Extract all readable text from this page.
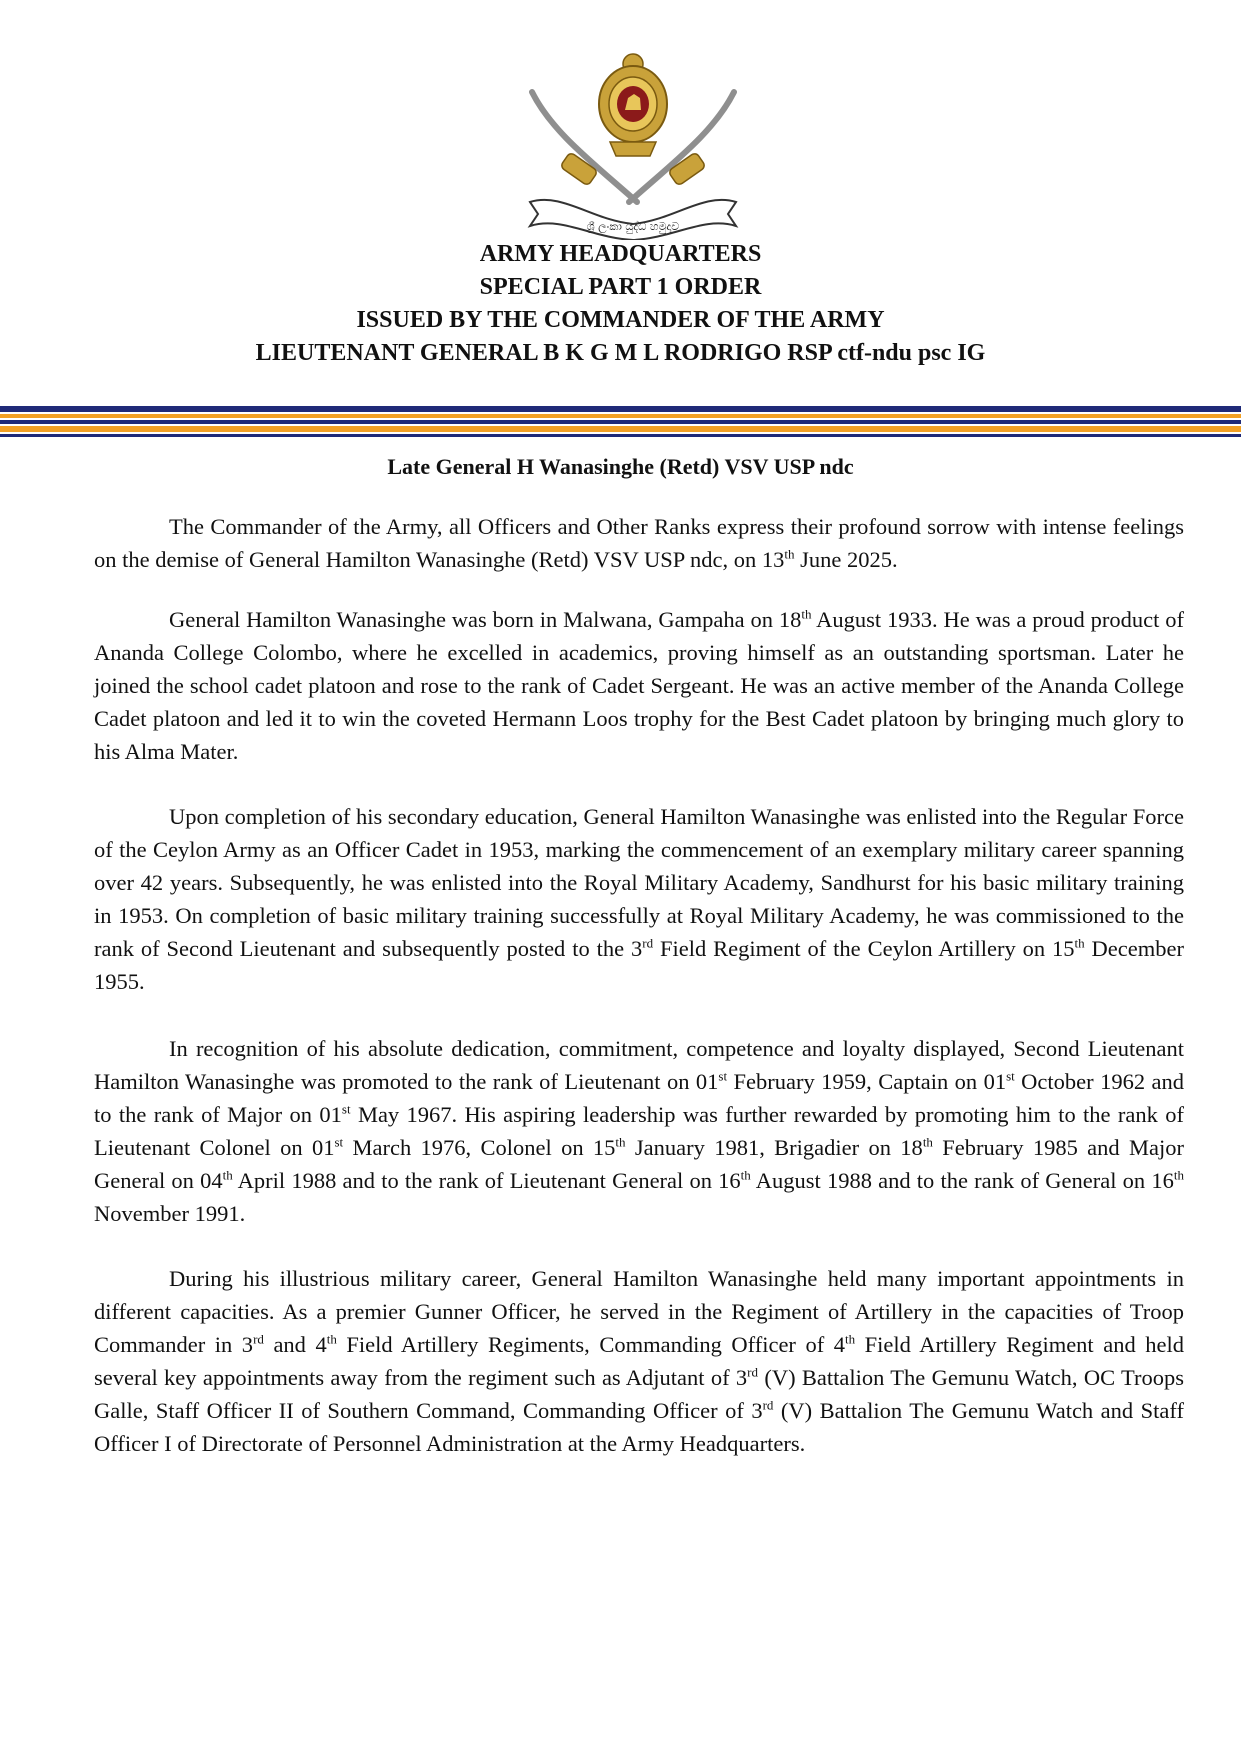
ශ්‍රී ලංකා යුද්ධ හමුදාව
ARMY HEADQUARTERS
SPECIAL PART 1 ORDER
ISSUED BY THE COMMANDER OF THE ARMY
LIEUTENANT GENERAL B K G M L RODRIGO RSP ctf-ndu psc IG
Late General H Wanasinghe (Retd) VSV USP ndc

The Commander of the Army, all Officers and Other Ranks express their profound sorrow with intense feelings on the demise of General Hamilton Wanasinghe (Retd) VSV USP ndc, on 13th June 2025.

General Hamilton Wanasinghe was born in Malwana, Gampaha on 18th August 1933. He was a proud product of Ananda College Colombo, where he excelled in academics, proving himself as an outstanding sportsman. Later he joined the school cadet platoon and rose to the rank of Cadet Sergeant. He was an active member of the Ananda College Cadet platoon and led it to win the coveted Hermann Loos trophy for the Best Cadet platoon by bringing much glory to his Alma Mater.

Upon completion of his secondary education, General Hamilton Wanasinghe was enlisted into the Regular Force of the Ceylon Army as an Officer Cadet in 1953, marking the commencement of an exemplary military career spanning over 42 years. Subsequently, he was enlisted into the Royal Military Academy, Sandhurst for his basic military training in 1953. On completion of basic military training successfully at Royal Military Academy, he was commissioned to the rank of Second Lieutenant and subsequently posted to the 3rd Field Regiment of the Ceylon Artillery on 15th December 1955.

In recognition of his absolute dedication, commitment, competence and loyalty displayed, Second Lieutenant Hamilton Wanasinghe was promoted to the rank of Lieutenant on 01st February 1959, Captain on 01st October 1962 and to the rank of Major on 01st May 1967. His aspiring leadership was further rewarded by promoting him to the rank of Lieutenant Colonel on 01st March 1976, Colonel on 15th January 1981, Brigadier on 18th February 1985 and Major General on 04th April 1988 and to the rank of Lieutenant General on 16th August 1988 and to the rank of General on 16th November 1991.

During his illustrious military career, General Hamilton Wanasinghe held many important appointments in different capacities. As a premier Gunner Officer, he served in the Regiment of Artillery in the capacities of Troop Commander in 3rd and 4th Field Artillery Regiments, Commanding Officer of 4th Field Artillery Regiment and held several key appointments away from the regiment such as Adjutant of 3rd (V) Battalion The Gemunu Watch, OC Troops Galle, Staff Officer II of Southern Command, Commanding Officer of 3rd (V) Battalion The Gemunu Watch and Staff Officer I of Directorate of Personnel Administration at the Army Headquarters.
